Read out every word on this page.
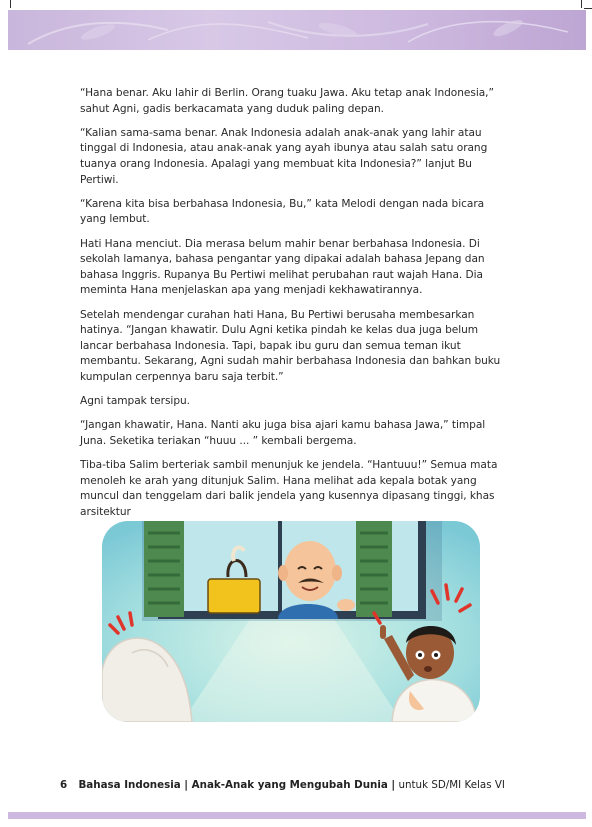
“Hana benar. Aku lahir di Berlin. Orang tuaku Jawa. Aku tetap anak Indonesia,” sahut Agni, gadis berkacamata yang duduk paling depan.

“Kalian sama-sama benar. Anak Indonesia adalah anak-anak yang lahir atau tinggal di Indonesia, atau anak-anak yang ayah ibunya atau salah satu orang tuanya orang Indonesia. Apalagi yang membuat kita Indonesia?” lanjut Bu Pertiwi.

“Karena kita bisa berbahasa Indonesia, Bu,” kata Melodi dengan nada bicara yang lembut.

Hati Hana menciut. Dia merasa belum mahir benar berbahasa Indonesia. Di sekolah lamanya, bahasa pengantar yang dipakai adalah bahasa Jepang dan bahasa Inggris. Rupanya Bu Pertiwi melihat perubahan raut wajah Hana. Dia meminta Hana menjelaskan apa yang menjadi kekhawatirannya.

Setelah mendengar curahan hati Hana, Bu Pertiwi berusaha membesarkan hatinya. “Jangan khawatir. Dulu Agni ketika pindah ke kelas dua juga belum lancar berbahasa Indonesia. Tapi, bapak ibu guru dan semua teman ikut membantu. Sekarang, Agni sudah mahir berbahasa Indonesia dan bahkan buku kumpulan cerpennya baru saja terbit.”

Agni tampak tersipu.

“Jangan khawatir, Hana. Nanti aku juga bisa ajari kamu bahasa Jawa,” timpal Juna. Seketika teriakan “huuu ... ” kembali bergema.

Tiba-tiba Salim berteriak sambil menunjuk ke jendela. “Hantuuu!” Semua mata menoleh ke arah yang ditunjuk Salim. Hana melihat ada kepala botak yang muncul dan tenggelam dari balik jendela yang kusennya dipasang tinggi, khas arsitektur

6 Bahasa Indonesia | Anak-Anak yang Mengubah Dunia | untuk SD/MI Kelas VI
